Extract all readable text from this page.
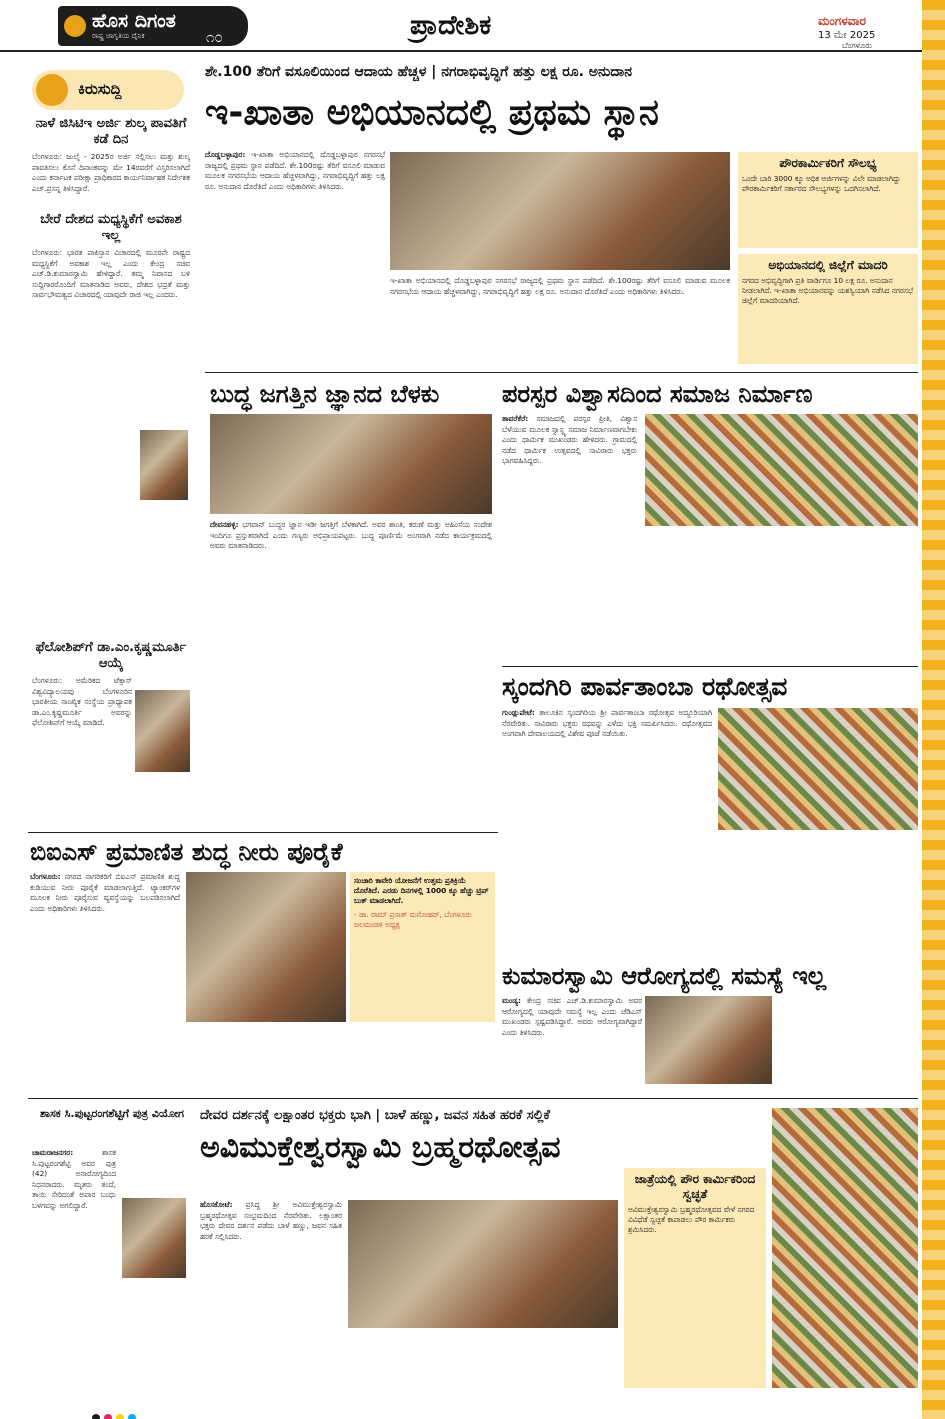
ಹೊಸ ದಿಗಂತ
ರಾಷ್ಟ್ರ ಜಾಗೃತಿಯ ದೈನಿಕ	೧೦	ಪ್ರಾದೇಶಿಕ	ಮಂಗಳವಾರ
13 ಮೇ 2025
ಬೆಂಗಳೂರು
ಕಿರುಸುದ್ದಿ
ನಾಳೆ ಜಿಸಿಟಿಇ ಅರ್ಜಿ ಶುಲ್ಕ ಪಾವತಿಗೆ ಕಡೆ ದಿನ

ಬೆಂಗಳೂರು: ಜುಲೈ - 2025ರ ಅರ್ಜಿ ಸಲ್ಲಿಸಲು ಮತ್ತು ಶುಲ್ಕ ಪಾವತಿಸಲು ಕೊನೆ ದಿನಾಂಕವನ್ನು ಮೇ 14ರವರೆಗೆ ವಿಸ್ತರಿಸಲಾಗಿದೆ ಎಂದು ಕರ್ನಾಟಕ ಪರೀಕ್ಷಾ ಪ್ರಾಧಿಕಾರದ ಕಾರ್ಯನಿರ್ವಾಹಕ ನಿರ್ದೇಶಕ ಎಚ್.ಪ್ರಸನ್ನ ತಿಳಿಸಿದ್ದಾರೆ.

ಬೇರೆ ದೇಶದ ಮಧ್ಯಸ್ಥಿಕೆಗೆ ಅವಕಾಶ ಇಲ್ಲ

ಬೆಂಗಳೂರು: ಭಾರತ ಪಾಕಿಸ್ತಾನ ವಿಚಾರದಲ್ಲಿ ಮೂರನೇ ರಾಷ್ಟ್ರದ ಮಧ್ಯಸ್ಥಿಕೆಗೆ ಅವಕಾಶ ಇಲ್ಲ ಎಂದು ಕೇಂದ್ರ ಸಚಿವ ಎಚ್.ಡಿ.ಕುಮಾರಸ್ವಾಮಿ ಹೇಳಿದ್ದಾರೆ. ತಮ್ಮ ನಿವಾಸದ ಬಳಿ ಸುದ್ದಿಗಾರರೊಂದಿಗೆ ಮಾತನಾಡಿದ ಅವರು, ದೇಶದ ಭದ್ರತೆ ಮತ್ತು ಸಾರ್ವಭೌಮತ್ವದ ವಿಚಾರದಲ್ಲಿ ಯಾವುದೇ ರಾಜಿ ಇಲ್ಲ ಎಂದರು.

ಫೆಲೋಶಿಪ್‌ಗೆ ಡಾ.ಎಂ.ಕೃಷ್ಣಮೂರ್ತಿ ಆಯ್ಕೆ

ಬೆಂಗಳೂರು: ಅಮೆರಿಕದ ಟೆಕ್ಸಾಸ್ ವಿಶ್ವವಿದ್ಯಾಲಯವು ಬೆಂಗಳೂರಿನ ಭಾರತೀಯ ಸಾಂಖ್ಯಿಕ ಸಂಸ್ಥೆಯ ಪ್ರಾಧ್ಯಾಪಕ ಡಾ.ಎಂ.ಕೃಷ್ಣಮೂರ್ತಿ ಅವರನ್ನು ಫೆಲೋಶಿಪ್‌ಗೆ ಆಯ್ಕೆ ಮಾಡಿದೆ.

ಶೇ.100 ತೆರಿಗೆ ವಸೂಲಿಯಿಂದ ಆದಾಯ ಹೆಚ್ಚಳ | ನಗರಾಭಿವೃದ್ಧಿಗೆ ಹತ್ತು ಲಕ್ಷ ರೂ. ಅನುದಾನ
ಇ-ಖಾತಾ ಅಭಿಯಾನದಲ್ಲಿ ಪ್ರಥಮ ಸ್ಥಾನ

ದೊಡ್ಡಬಳ್ಳಾಪುರ: ಇ-ಖಾತಾ ಅಭಿಯಾನದಲ್ಲಿ ದೊಡ್ಡಬಳ್ಳಾಪುರ ನಗರಸಭೆ ರಾಜ್ಯದಲ್ಲಿ ಪ್ರಥಮ ಸ್ಥಾನ ಪಡೆದಿದೆ. ಶೇ.100ರಷ್ಟು ತೆರಿಗೆ ವಸೂಲಿ ಮಾಡುವ ಮೂಲಕ ನಗರಸಭೆಯ ಆದಾಯ ಹೆಚ್ಚಳವಾಗಿದ್ದು, ನಗರಾಭಿವೃದ್ಧಿಗೆ ಹತ್ತು ಲಕ್ಷ ರೂ. ಅನುದಾನ ದೊರೆತಿದೆ ಎಂದು ಅಧಿಕಾರಿಗಳು ತಿಳಿಸಿದರು.

ಇ-ಖಾತಾ ಅಭಿಯಾನದಲ್ಲಿ ದೊಡ್ಡಬಳ್ಳಾಪುರ ನಗರಸಭೆ ರಾಜ್ಯದಲ್ಲಿ ಪ್ರಥಮ ಸ್ಥಾನ ಪಡೆದಿದೆ. ಶೇ.100ರಷ್ಟು ತೆರಿಗೆ ವಸೂಲಿ ಮಾಡುವ ಮೂಲಕ ನಗರಸಭೆಯ ಆದಾಯ ಹೆಚ್ಚಳವಾಗಿದ್ದು, ನಗರಾಭಿವೃದ್ಧಿಗೆ ಹತ್ತು ಲಕ್ಷ ರೂ. ಅನುದಾನ ದೊರೆತಿದೆ ಎಂದು ಅಧಿಕಾರಿಗಳು ತಿಳಿಸಿದರು.

ಪೌರಕಾರ್ಮಿಕರಿಗೆ ಸೌಲಭ್ಯ

ಒಂದೇ ಬಾರಿ 3000 ಕ್ಕೂ ಅಧಿಕ ಅರ್ಜಿಗಳನ್ನು ವಿಲೇ ಮಾಡಲಾಗಿದ್ದು ಪೌರಕಾರ್ಮಿಕರಿಗೆ ಸರ್ಕಾರದ ಸೌಲಭ್ಯಗಳನ್ನು ಒದಗಿಸಲಾಗಿದೆ.

ಅಭಿಯಾನದಲ್ಲಿ ಜಿಲ್ಲೆಗೆ ಮಾದರಿ

ನಗರದ ಅಭಿವೃದ್ಧಿಗಾಗಿ ಪ್ರತಿ ವಾರ್ಡಿಗೂ 10 ಲಕ್ಷ ರೂ. ಅನುದಾನ ನೀಡಲಾಗಿದೆ. ಇ-ಖಾತಾ ಅಭಿಯಾನವನ್ನು ಯಶಸ್ವಿಯಾಗಿ ನಡೆಸಿದ ನಗರಸಭೆ ಜಿಲ್ಲೆಗೆ ಮಾದರಿಯಾಗಿದೆ.

ಬುದ್ಧ ಜಗತ್ತಿನ ಜ್ಞಾನದ ಬೆಳಕು

ದೇವನಹಳ್ಳಿ: ಭಗವಾನ್ ಬುದ್ಧರ ಜ್ಞಾನ ಇಡೀ ಜಗತ್ತಿಗೆ ಬೆಳಕಾಗಿದೆ. ಅವರ ಶಾಂತಿ, ಕರುಣೆ ಮತ್ತು ಅಹಿಂಸೆಯ ಸಂದೇಶ ಇಂದಿಗೂ ಪ್ರಸ್ತುತವಾಗಿದೆ ಎಂದು ಗಣ್ಯರು ಅಭಿಪ್ರಾಯಪಟ್ಟರು. ಬುದ್ಧ ಪೂರ್ಣಿಮೆ ಅಂಗವಾಗಿ ನಡೆದ ಕಾರ್ಯಕ್ರಮದಲ್ಲಿ ಅವರು ಮಾತನಾಡಿದರು.

ಪರಸ್ಪರ ವಿಶ್ವಾಸದಿಂದ ಸಮಾಜ ನಿರ್ಮಾಣ

ತಾವರೆಕೆರೆ: ಸಮಾಜದಲ್ಲಿ ಪರಸ್ಪರ ಪ್ರೀತಿ, ವಿಶ್ವಾಸ ಬೆಳೆಯುವ ಮೂಲಕ ಸ್ವಾಸ್ಥ್ಯ ಸಮಾಜ ನಿರ್ಮಾಣವಾಗಬೇಕು ಎಂದು ಧಾರ್ಮಿಕ ಮುಖಂಡರು ಹೇಳಿದರು. ಗ್ರಾಮದಲ್ಲಿ ನಡೆದ ಧಾರ್ಮಿಕ ಉತ್ಸವದಲ್ಲಿ ಸಾವಿರಾರು ಭಕ್ತರು ಭಾಗವಹಿಸಿದ್ದರು.

ಸ್ಕಂದಗಿರಿ ಪಾರ್ವತಾಂಬಾ ರಥೋತ್ಸವ

ಗುಂಡ್ಲುಪೇಟೆ: ತಾಲೂಕಿನ ಸ್ಕಂದಗಿರಿಯ ಶ್ರೀ ಪಾರ್ವತಾಂಬಾ ರಥೋತ್ಸವ ಅದ್ಧೂರಿಯಾಗಿ ನೆರವೇರಿತು. ಸಾವಿರಾರು ಭಕ್ತರು ರಥವನ್ನು ಎಳೆದು ಭಕ್ತಿ ಸಮರ್ಪಿಸಿದರು. ರಥೋತ್ಸವದ ಅಂಗವಾಗಿ ದೇವಾಲಯದಲ್ಲಿ ವಿಶೇಷ ಪೂಜೆ ನಡೆಯಿತು.

ಬಿಐಎಸ್ ಪ್ರಮಾಣಿತ ಶುದ್ಧ ನೀರು ಪೂರೈಕೆ

ಬೆಂಗಳೂರು: ನಗರದ ನಾಗರಿಕರಿಗೆ ಬಿಐಎಸ್ ಪ್ರಮಾಣಿತ ಶುದ್ಧ ಕುಡಿಯುವ ನೀರು ಪೂರೈಕೆ ಮಾಡಲಾಗುತ್ತಿದೆ. ಟ್ಯಾಂಕರ್‌ಗಳ ಮೂಲಕ ನೀರು ಪೂರೈಸುವ ವ್ಯವಸ್ಥೆಯನ್ನು ಬಲಪಡಿಸಲಾಗಿದೆ ಎಂದು ಅಧಿಕಾರಿಗಳು ತಿಳಿಸಿದರು.

ಸಂಚಾರಿ ಕಾವೇರಿ ಯೋಜನೆಗೆ ಉತ್ತಮ ಪ್ರತಿಕ್ರಿಯೆ ದೊರೆತಿದೆ. ಎರಡು ದಿನಗಳಲ್ಲಿ 1000 ಕ್ಕೂ ಹೆಚ್ಚು ಟ್ರಿಪ್ ಬುಕ್ ಮಾಡಲಾಗಿದೆ.

- ಡಾ. ರಾಮ್ ಪ್ರಸಾತ್ ಮನೋಹರ್, ಬೆಂಗಳೂರು ಜಲಮಂಡಳಿ ಅಧ್ಯಕ್ಷ

ಕುಮಾರಸ್ವಾಮಿ ಆರೋಗ್ಯದಲ್ಲಿ ಸಮಸ್ಯೆ ಇಲ್ಲ

ಮಂಡ್ಯ: ಕೇಂದ್ರ ಸಚಿವ ಎಚ್.ಡಿ.ಕುಮಾರಸ್ವಾಮಿ ಅವರ ಆರೋಗ್ಯದಲ್ಲಿ ಯಾವುದೇ ಸಮಸ್ಯೆ ಇಲ್ಲ ಎಂದು ಜೆಡಿಎಸ್ ಮುಖಂಡರು ಸ್ಪಷ್ಟಪಡಿಸಿದ್ದಾರೆ. ಅವರು ಆರೋಗ್ಯವಾಗಿದ್ದಾರೆ ಎಂದು ತಿಳಿಸಿದರು.

ಶಾಸಕ ಸಿ.ಪುಟ್ಟರಂಗಶೆಟ್ಟಿಗೆ ಪುತ್ರ ವಿಯೋಗ

ಚಾಮರಾಜನಗರ:	ಶಾಸಕ ಸಿ.ಪುಟ್ಟರಂಗಶೆಟ್ಟಿ ಅವರ ಪುತ್ರ (42) ಅನಾರೋಗ್ಯದಿಂದ ನಿಧನರಾದರು. ಮೃತರು ತಂದೆ, ತಾಯಿ ಸೇರಿದಂತೆ ಅಪಾರ ಬಂಧು ಬಳಗವನ್ನು ಅಗಲಿದ್ದಾರೆ.

ದೇವರ ದರ್ಶನಕ್ಕೆ ಲಕ್ಷಾಂತರ ಭಕ್ತರು ಭಾಗಿ | ಬಾಳೆ ಹಣ್ಣು, ಜವನ ಸಹಿತ ಹರಕೆ ಸಲ್ಲಿಕೆ
ಅವಿಮುಕ್ತೇಶ್ವರಸ್ವಾಮಿ ಬ್ರಹ್ಮರಥೋತ್ಸವ

ಹೊಸಕೋಟೆ: ಪ್ರಸಿದ್ಧ ಶ್ರೀ ಅವಿಮುಕ್ತೇಶ್ವರಸ್ವಾಮಿ ಬ್ರಹ್ಮರಥೋತ್ಸವ ಸಂಭ್ರಮದಿಂದ ನೆರವೇರಿತು. ಲಕ್ಷಾಂತರ ಭಕ್ತರು ದೇವರ ದರ್ಶನ ಪಡೆದು ಬಾಳೆ ಹಣ್ಣು, ಜವನ ಸಹಿತ ಹರಕೆ ಸಲ್ಲಿಸಿದರು.

ಜಾತ್ರೆಯಲ್ಲಿ ಪೌರ ಕಾರ್ಮಿಕರಿಂದ ಸ್ವಚ್ಛತೆ

ಅವಿಮುಕ್ತೇಶ್ವರಸ್ವಾಮಿ ಬ್ರಹ್ಮರಥೋತ್ಸವದ ವೇಳೆ ನಗರದ ವಿವಿಧೆಡೆ ಸ್ವಚ್ಛತೆ ಕಾಪಾಡಲು ಪೌರ ಕಾರ್ಮಿಕರು ಶ್ರಮಿಸಿದರು.
